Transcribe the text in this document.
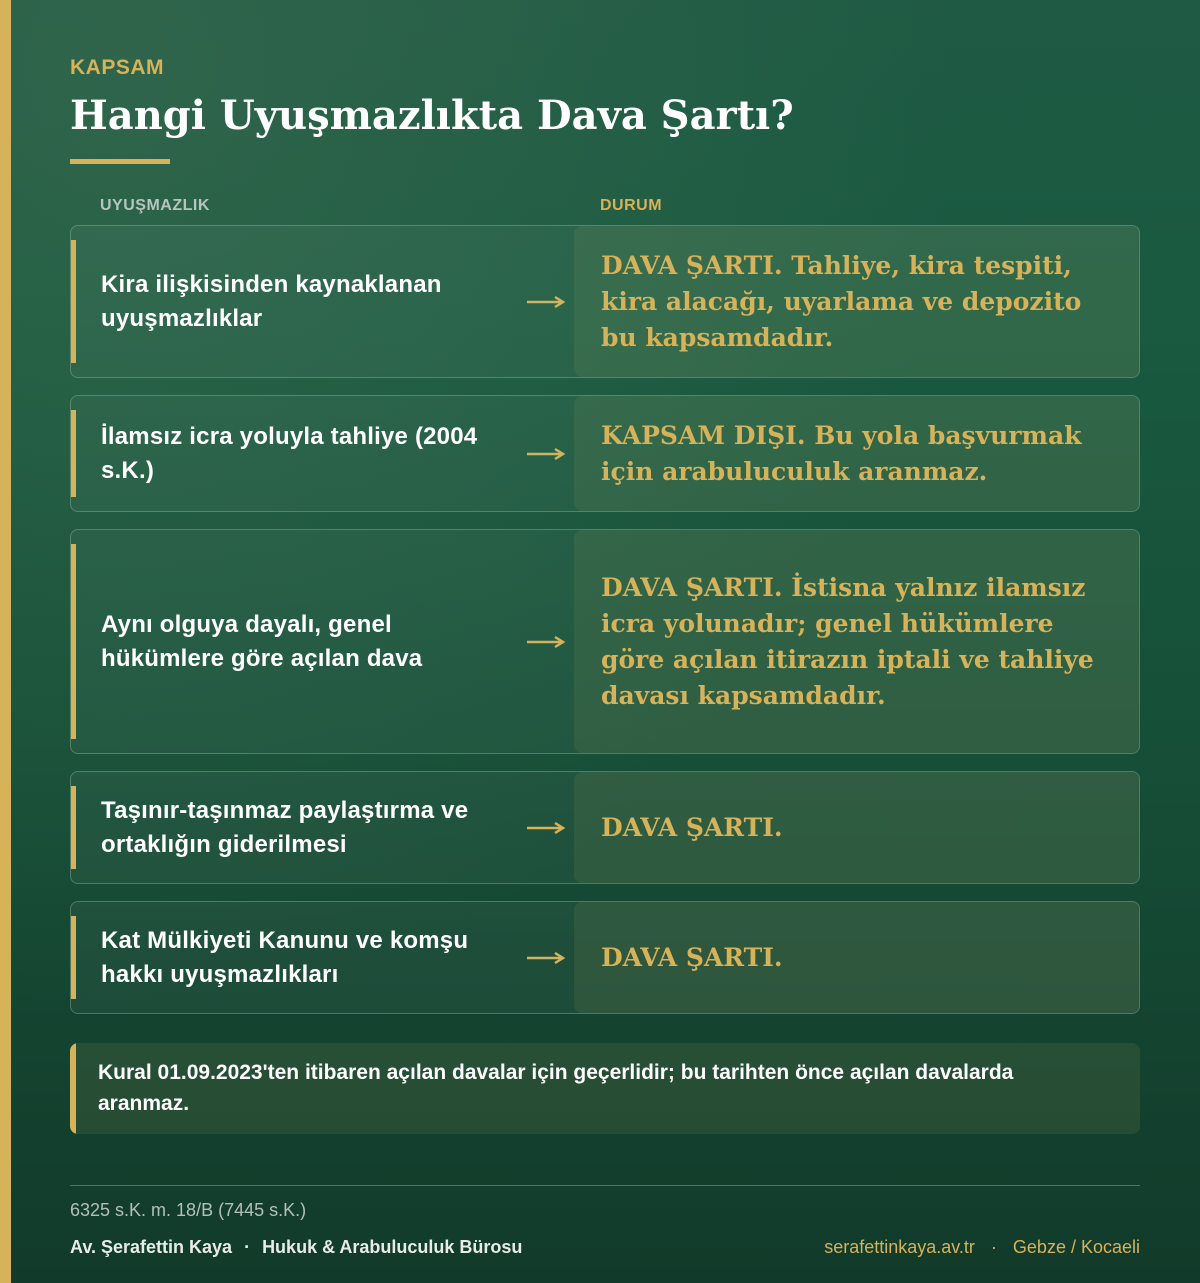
KAPSAM
Hangi Uyuşmazlıkta Dava Şartı?
UYUŞMAZLIK	DURUM
Kira ilişkisinden kaynaklanan uyuşmazlıklar
DAVA ŞARTI. Tahliye, kira tespiti, kira alacağı, uyarlama ve depozito bu kapsamdadır.
İlamsız icra yoluyla tahliye (2004 s.K.)
KAPSAM DIŞI. Bu yola başvurmak için arabuluculuk aranmaz.
Aynı olguya dayalı, genel hükümlere göre açılan dava
DAVA ŞARTI. İstisna yalnız ilamsız icra yolunadır; genel hükümlere göre açılan itirazın iptali ve tahliye davası kapsamdadır.
Taşınır-taşınmaz paylaştırma ve ortaklığın giderilmesi
DAVA ŞARTI.
Kat Mülkiyeti Kanunu ve komşu hakkı uyuşmazlıkları
DAVA ŞARTI.
Kural 01.09.2023'ten itibaren açılan davalar için geçerlidir; bu tarihten önce açılan davalarda aranmaz.
6325 s.K. m. 18/B (7445 s.K.)
Av. Şerafettin Kaya · Hukuk & Arabuluculuk Bürosu	serafettinkaya.av.tr · Gebze / Kocaeli
